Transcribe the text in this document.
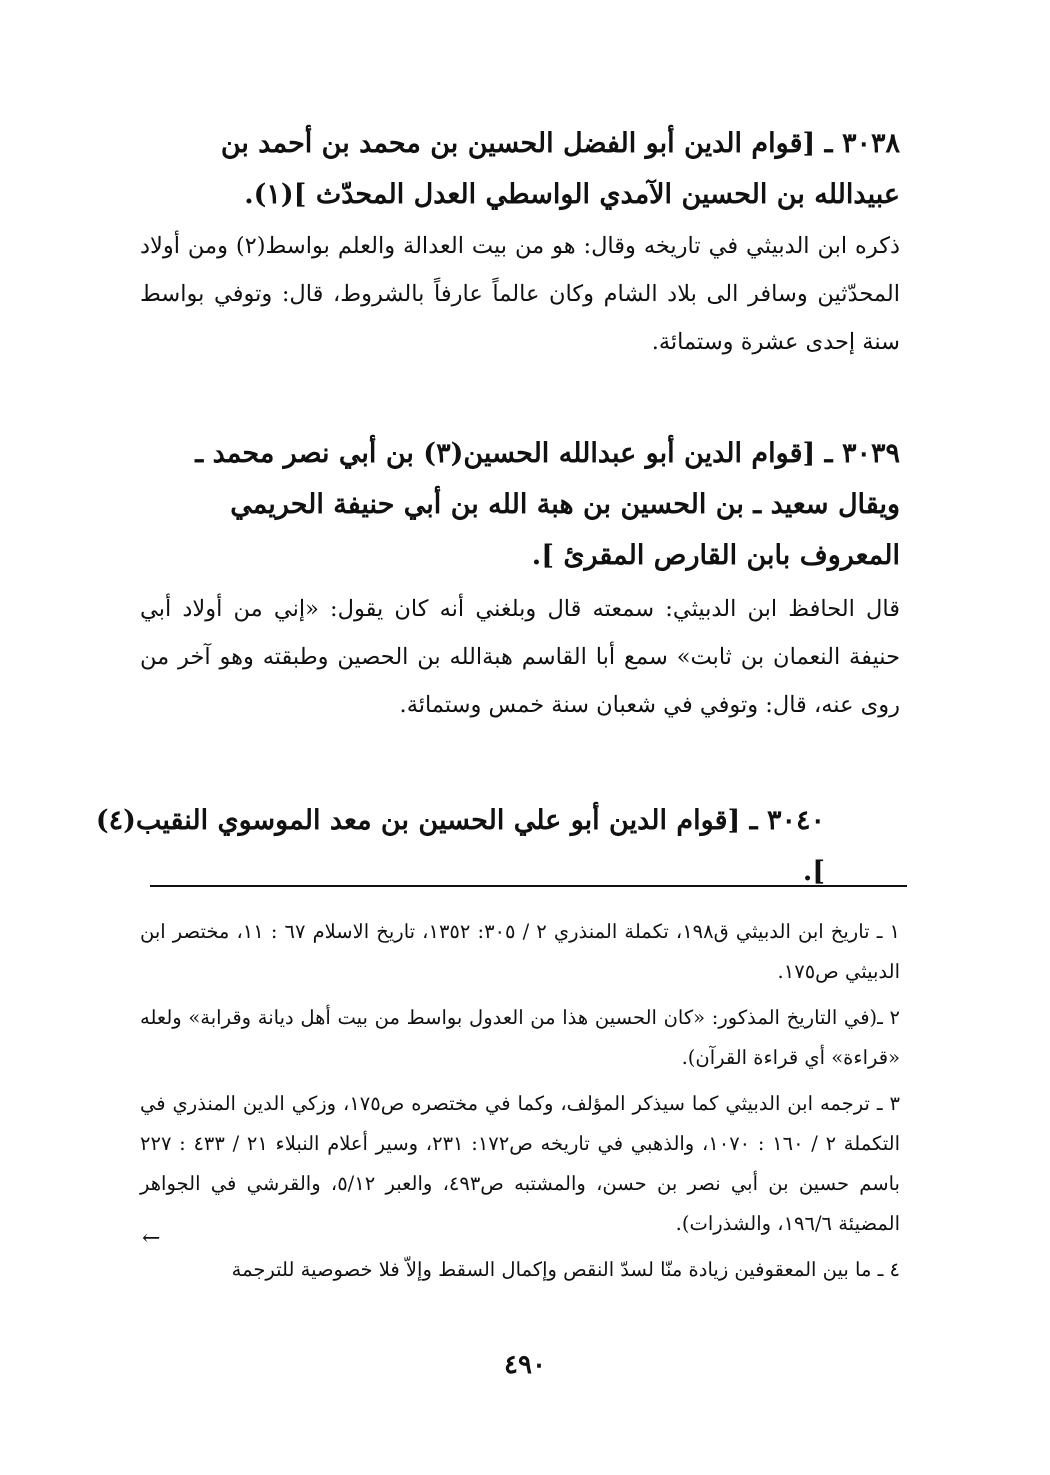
٣٠٣٨ ـ [قوام الدين أبو الفضل الحسين بن محمد بن أحمد بن عبيدالله بن الحسين الآمدي الواسطي العدل المحدّث ](١).
ذكره ابن الدبيثي في تاريخه وقال: هو من بيت العدالة والعلم بواسط(٢) ومن أولاد المحدّثين وسافر الى بلاد الشام وكان عالماً عارفاً بالشروط، قال: وتوفي بواسط سنة إحدى عشرة وستمائة.
٣٠٣٩ ـ [قوام الدين أبو عبدالله الحسين(٣) بن أبي نصر محمد ـ ويقال سعيد ـ بن الحسين بن هبة الله بن أبي حنيفة الحريمي المعروف بابن القارص المقرئ ].
قال الحافظ ابن الدبيثي: سمعته قال وبلغني أنه كان يقول: «إني من أولاد أبي حنيفة النعمان بن ثابت» سمع أبا القاسم هبةالله بن الحصين وطبقته وهو آخر من روى عنه، قال: وتوفي في شعبان سنة خمس وستمائة.
٣٠٤٠ ـ [قوام الدين أبو علي الحسين بن معد الموسوي النقيب(٤) ].
١ ـ تاريخ ابن الدبيثي ق١٩٨، تكملة المنذري ٢ / ٣٠٥: ١٣٥٢، تاريخ الاسلام ٦٧ : ١١، مختصر ابن الدبيثي ص١٧٥.
٢ ـ(في التاريخ المذكور: «كان الحسين هذا من العدول بواسط من بيت أهل ديانة وقرابة» ولعله «قراءة» أي قراءة القرآن).
٣ ـ ترجمه ابن الدبيثي كما سيذكر المؤلف، وكما في مختصره ص١٧٥، وزكي الدين المنذري في التكملة ٢ / ١٦٠ : ١٠٧٠، والذهبي في تاريخه ص١٧٢: ٢٣١، وسير أعلام النبلاء ٢١ / ٤٣٣ : ٢٢٧ باسم حسين بن أبي نصر بن حسن، والمشتبه ص٤٩٣، والعبر ٥/١٢، والقرشي في الجواهر المضيئة ١٩٦/٦، والشذرات).
٤ ـ ما بين المعقوفين زيادة منّا لسدّ النقص وإكمال السقط وإلاّ فلا خصوصية للترجمة
←
٤٩٠
